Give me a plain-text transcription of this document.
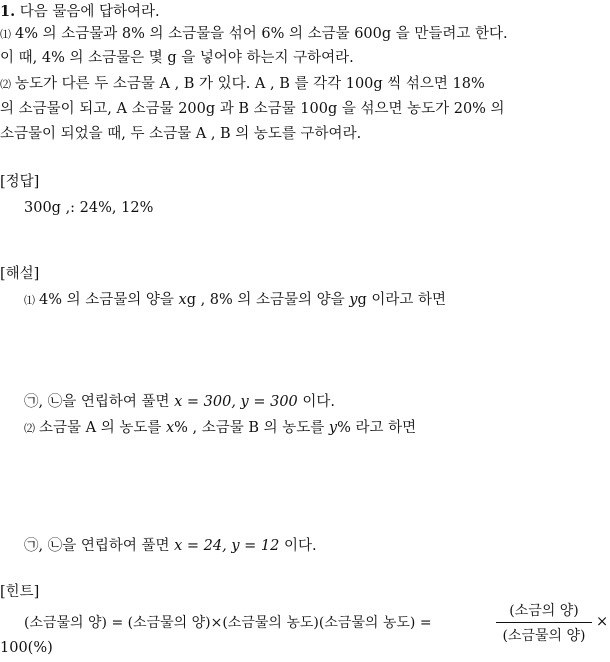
1. 다음 물음에 답하여라.
⑴ 4% 의 소금물과 8% 의 소금물을 섞어 6% 의 소금물 600g 을 만들려고 한다.
이 때, 4% 의 소금물은 몇 g 을 넣어야 하는지 구하여라.
⑵ 농도가 다른 두 소금물 A , B 가 있다. A , B 를 각각 100g 씩 섞으면 18%
의 소금물이 되고, A 소금물 200g 과 B 소금물 100g 을 섞으면 농도가 20% 의
소금물이 되었을 때, 두 소금물 A , B 의 농도를 구하여라.
[정답]
300g ,: 24%, 12%
[해설]
⑴ 4% 의 소금물의 양을 xg , 8% 의 소금물의 양을 yg 이라고 하면
㉠, ㉡을 연립하여 풀면 x = 300, y = 300 이다.
⑵ 소금물 A 의 농도를 x% , 소금물 B 의 농도를 y% 라고 하면
㉠, ㉡을 연립하여 풀면 x = 24, y = 12 이다.
[힌트]
(소금물의 양) = (소금물의 양)×(소금물의 농도)(소금물의 농도) =
(소금의 양)
(소금물의 양)
×
100(%)
